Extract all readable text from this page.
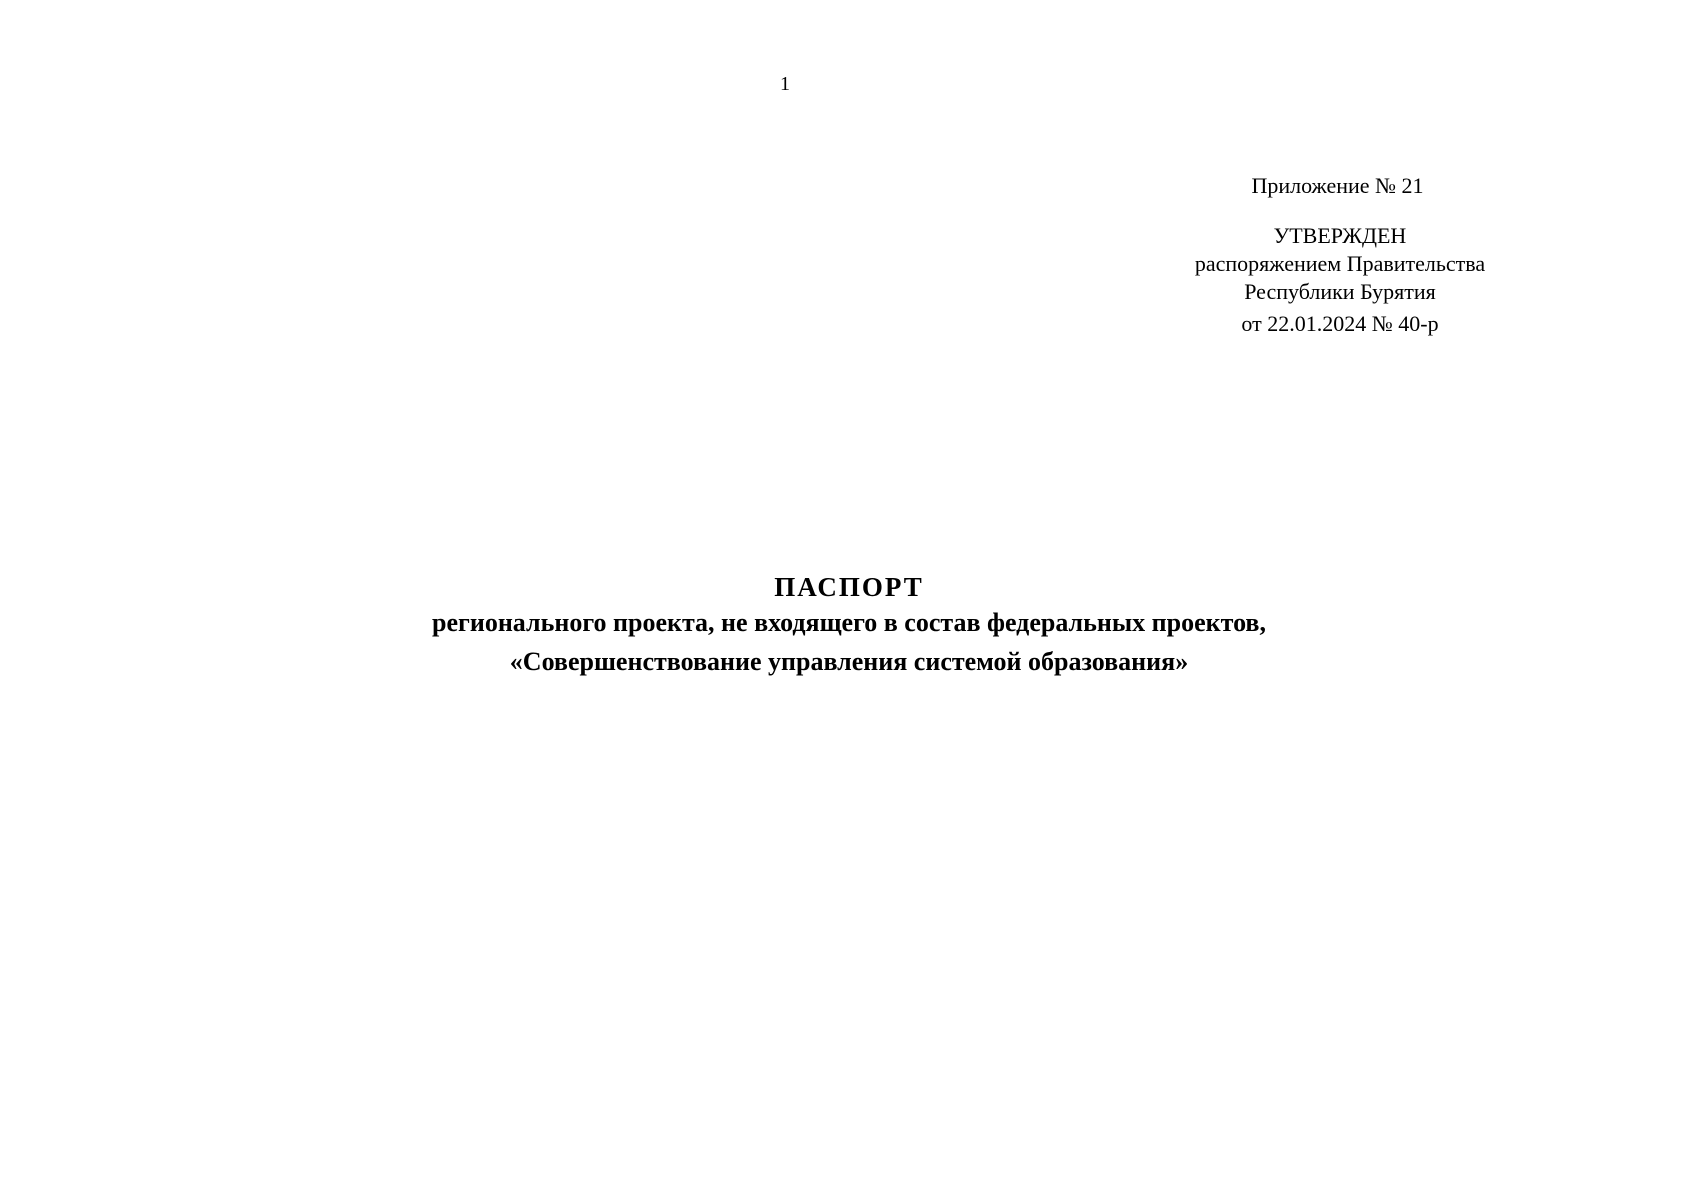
1
Приложение № 21
УТВЕРЖДЕН
распоряжением Правительства
Республики Бурятия
от 22.01.2024 № 40-р
ПАСПОРТ
регионального проекта, не входящего в состав федеральных проектов,
«Совершенствование управления системой образования»
